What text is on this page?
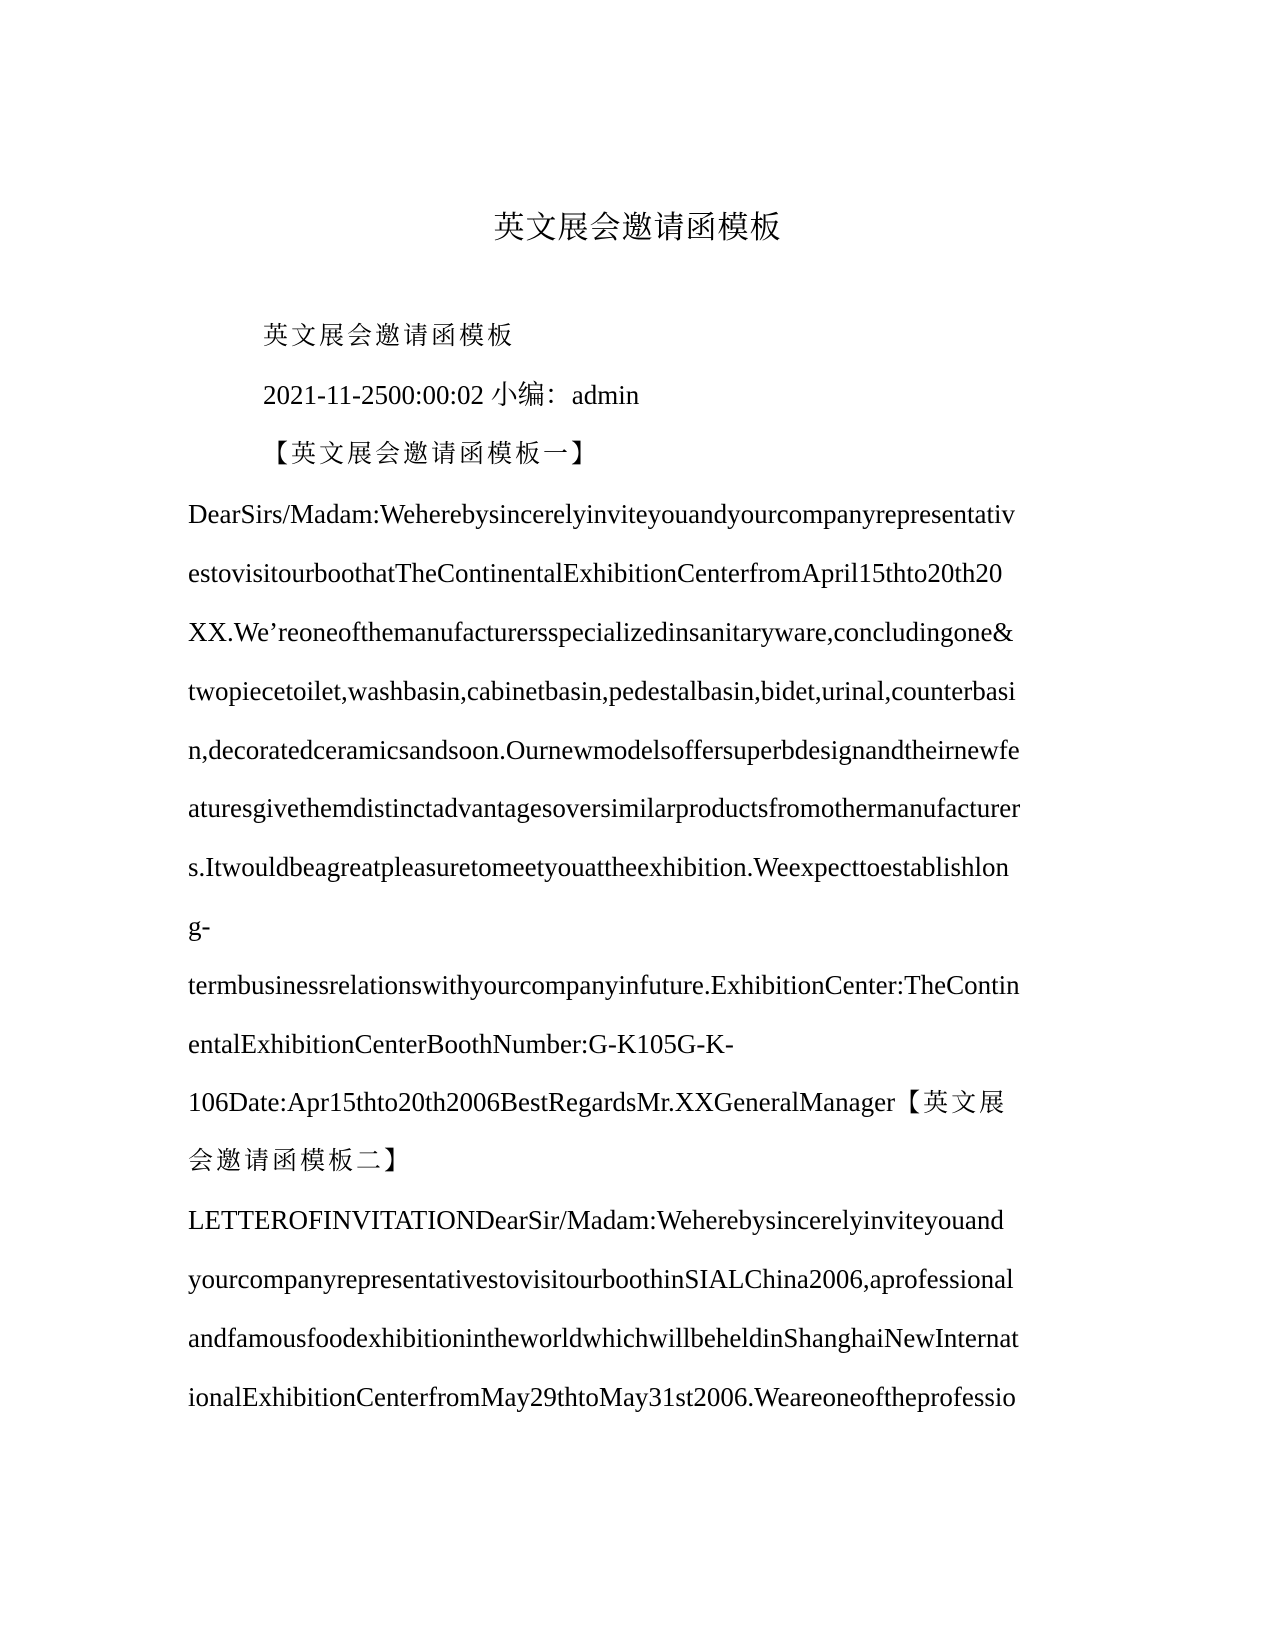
英文展会邀请函模板
英文展会邀请函模板
2021-11-2500:00:02 小编：admin
【英文展会邀请函模板一】
DearSirs/Madam:Weherebysincerelyinviteyouandyourcompanyrepresentativ
estovisitourboothatTheContinentalExhibitionCenterfromApril15thto20th20
XX.We’reoneofthemanufacturersspecializedinsanitaryware,concludingone&
twopiecetoilet,washbasin,cabinetbasin,pedestalbasin,bidet,urinal,counterbasi
n,decoratedceramicsandsoon.Ournewmodelsoffersuperbdesignandtheirnewfe
aturesgivethemdistinctadvantagesoversimilarproductsfromothermanufacturer
s.Itwouldbeagreatpleasuretomeetyouattheexhibition.Weexpecttoestablishlon
g-
termbusinessrelationswithyourcompanyinfuture.ExhibitionCenter:TheContin
entalExhibitionCenterBoothNumber:G-K105G-K-
106Date:Apr15thto20th2006BestRegardsMr.XXGeneralManager【英文展
会邀请函模板二】
LETTEROFINVITATIONDearSir/Madam:Weherebysincerelyinviteyouand
yourcompanyrepresentativestovisitourboothinSIALChina2006,aprofessional
andfamousfoodexhibitionintheworldwhichwillbeheldinShanghaiNewInternat
ionalExhibitionCenterfromMay29thtoMay31st2006.Weareoneoftheprofessio
